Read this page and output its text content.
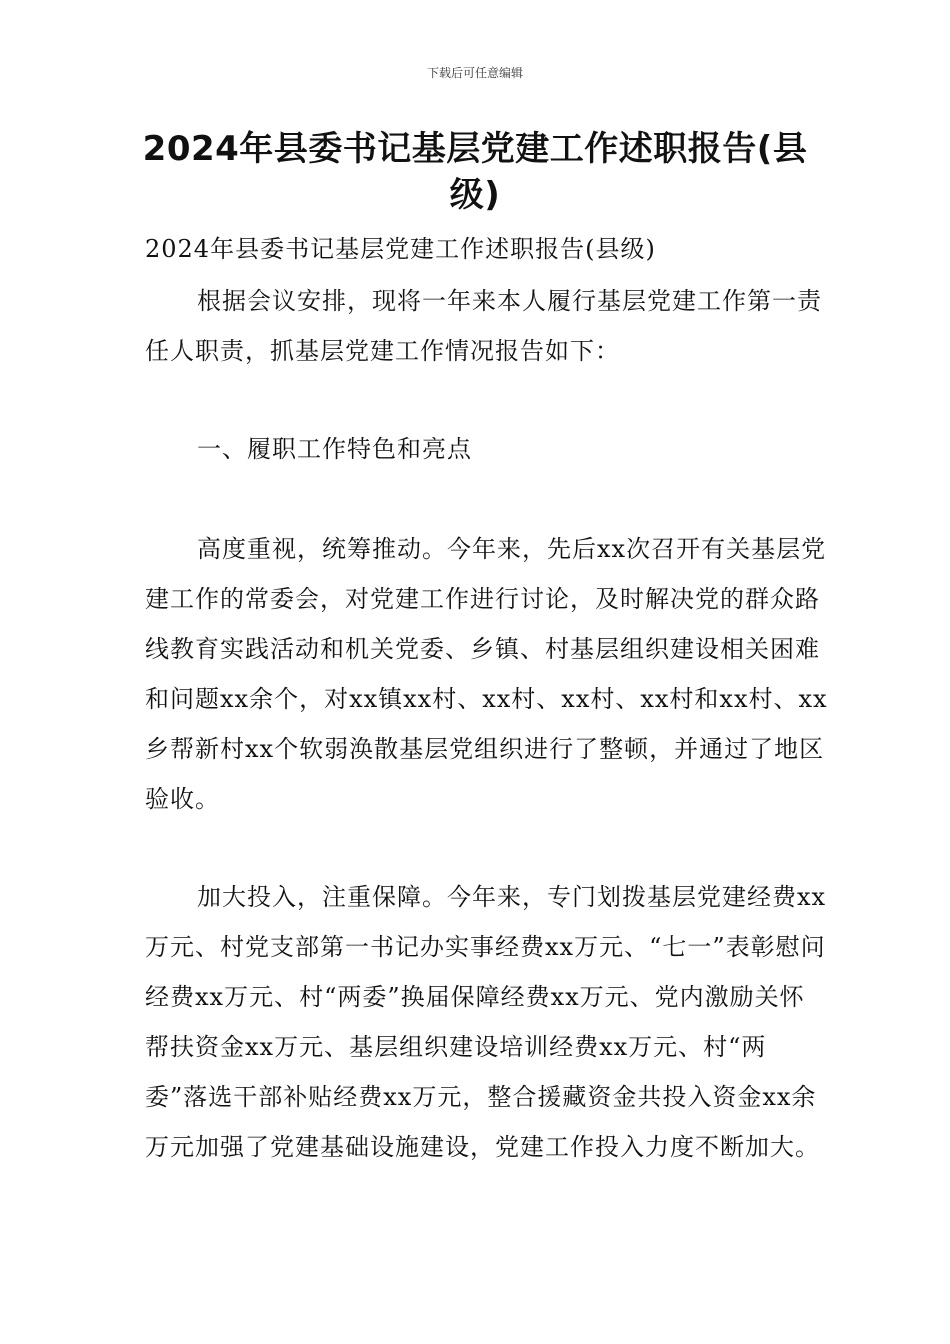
下载后可任意编辑
2024年县委书记基层党建工作述职报告(县级)

2024年县委书记基层党建工作述职报告(县级)

根据会议安排，现将一年来本人履行基层党建工作第一责任人职责，抓基层党建工作情况报告如下：

一、履职工作特色和亮点

高度重视，统筹推动。今年来，先后xx次召开有关基层党建工作的常委会，对党建工作进行讨论，及时解决党的群众路线教育实践活动和机关党委、乡镇、村基层组织建设相关困难和问题xx余个，对xx镇xx村、xx村、xx村、xx村和xx村、xx乡帮新村xx个软弱涣散基层党组织进行了整顿，并通过了地区验收。

加大投入，注重保障。今年来，专门划拨基层党建经费xx万元、村党支部第一书记办实事经费xx万元、“七一”表彰慰问经费xx万元、村“两委”换届保障经费xx万元、党内激励关怀帮扶资金xx万元、基层组织建设培训经费xx万元、村“两委”落选干部补贴经费xx万元，整合援藏资金共投入资金xx余万元加强了党建基础设施建设，党建工作投入力度不断加大。
